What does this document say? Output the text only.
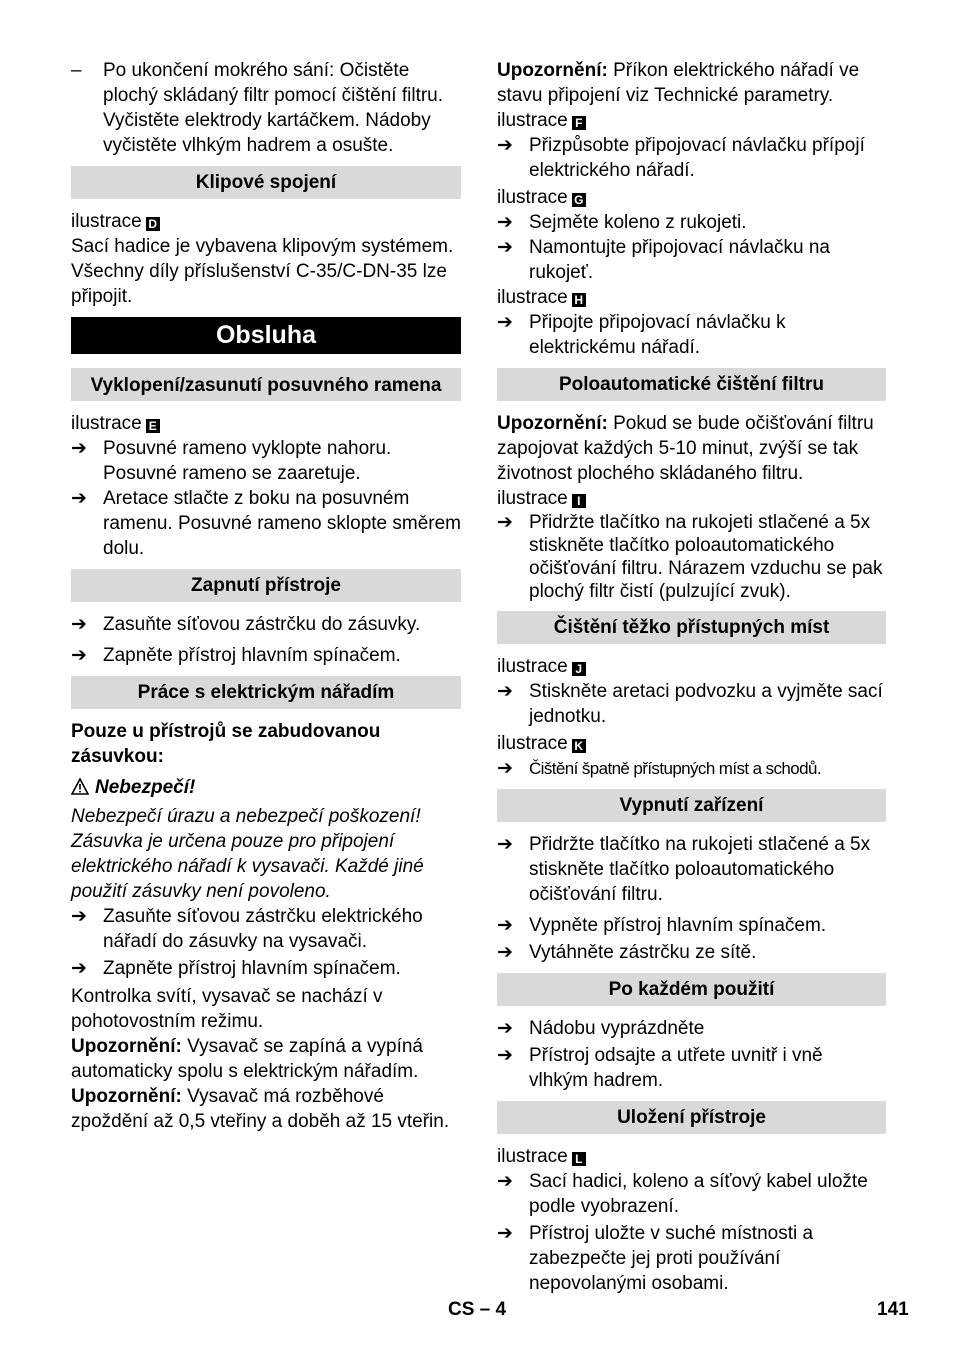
–	Po ukončení mokrého sání: Očistěte plochý skládaný filtr pomocí čištění filtru. Vyčistěte elektrody kartáčkem. Nádoby vyčistěte vlhkým hadrem a osušte.

Klipové spojení

ilustrace D

Sací hadice je vybavena klipovým systémem. Všechny díly příslušenství C-35/C-DN-35 lze připojit.

Obsluha
Vyklopení/zasunutí posuvného ramena

ilustrace E

➔ Posuvné rameno vyklopte nahoru. Posuvné rameno se zaaretuje.

➔ Aretace stlačte z boku na posuvném ramenu. Posuvné rameno sklopte směrem dolu.

Zapnutí přístroje

➔ Zasuňte síťovou zástrčku do zásuvky.

➔ Zapněte přístroj hlavním spínačem.

Práce s elektrickým nářadím

Pouze u přístrojů se zabudovanou zásuvkou:

Nebezpečí!

Nebezpečí úrazu a nebezpečí poškození! Zásuvka je určena pouze pro připojení elektrického nářadí k vysavači. Každé jiné použití zásuvky není povoleno.

➔ Zasuňte síťovou zástrčku elektrického nářadí do zásuvky na vysavači.

➔ Zapněte přístroj hlavním spínačem.

Kontrolka svítí, vysavač se nachází v pohotovostním režimu.

Upozornění: Vysavač se zapíná a vypíná automaticky spolu s elektrickým nářadím.

Upozornění: Vysavač má rozběhové zpoždění až 0,5 vteřiny a doběh až 15 vteřin.

Upozornění: Příkon elektrického nářadí ve stavu připojení viz Technické parametry.

ilustrace F

➔ Přizpůsobte připojovací návlačku přípojí elektrického nářadí.

ilustrace G

➔ Sejměte koleno z rukojeti.

➔ Namontujte připojovací návlačku na rukojeť.

ilustrace H

➔ Připojte připojovací návlačku k elektrickému nářadí.

Poloautomatické čištění filtru

Upozornění: Pokud se bude očišťování filtru zapojovat každých 5-10 minut, zvýší se tak životnost plochého skládaného filtru.

ilustrace I

➔ Přidržte tlačítko na rukojeti stlačené a 5x stiskněte tlačítko poloautomatického očišťování filtru. Nárazem vzduchu se pak plochý filtr čistí (pulzující zvuk).

Čištění těžko přístupných míst

ilustrace J

➔ Stiskněte aretaci podvozku a vyjměte sací jednotku.

ilustrace K

➔ Čištění špatně přístupných míst a schodů.

Vypnutí zařízení

➔ Přidržte tlačítko na rukojeti stlačené a 5x stiskněte tlačítko poloautomatického očišťování filtru.

➔ Vypněte přístroj hlavním spínačem.

➔ Vytáhněte zástrčku ze sítě.

Po každém použití

➔ Nádobu vyprázdněte

➔ Přístroj odsajte a utřete uvnitř i vně vlhkým hadrem.

Uložení přístroje

ilustrace L

➔ Sací hadici, koleno a síťový kabel uložte podle vyobrazení.

➔ Přístroj uložte v suché místnosti a zabezpečte jej proti používání nepovolanými osobami.

CS – 4	141
